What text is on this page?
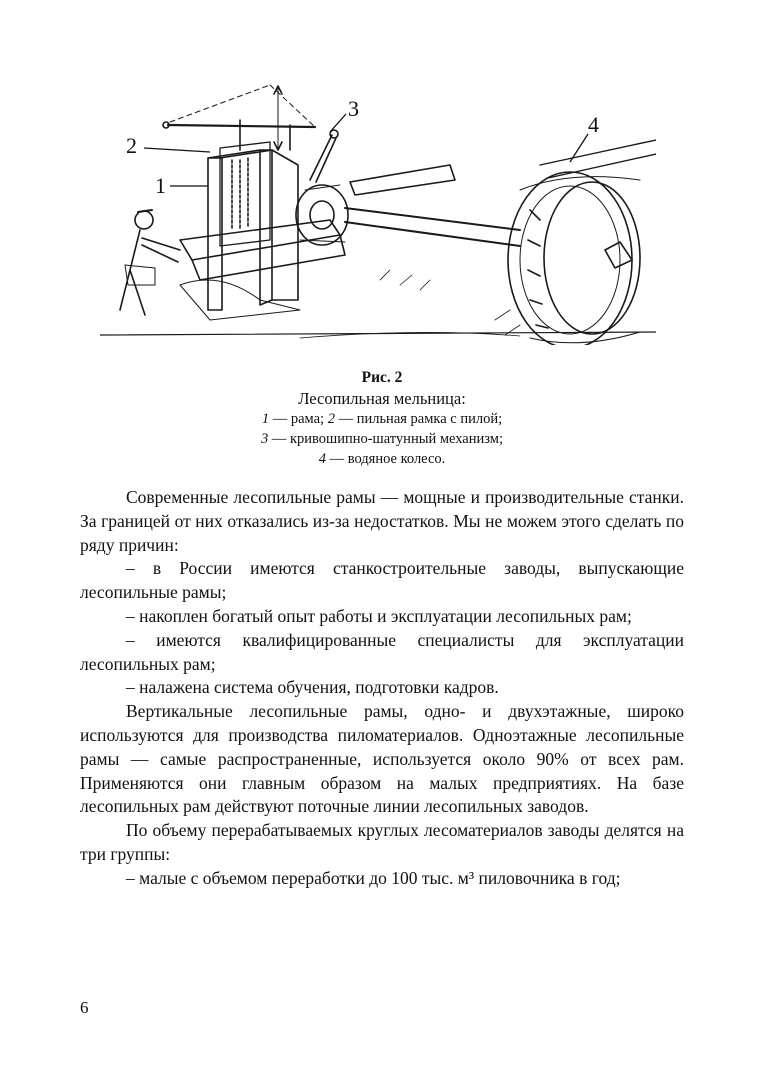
2
1
3
4
Рис. 2
Лесопильная мельница:
1 — рама; 2 — пильная рамка с пилой;
3 — кривошипно-шатунный механизм;
4 — водяное колесо.

Современные лесопильные рамы — мощные и производительные станки. За границей от них отказались из-за недостатков. Мы не можем этого сделать по ряду причин:

– в России имеются станкостроительные заводы, выпускающие лесопильные рамы;

– накоплен богатый опыт работы и эксплуатации лесопильных рам;

– имеются квалифицированные специалисты для эксплуатации лесопильных рам;

– налажена система обучения, подготовки кадров.

Вертикальные лесопильные рамы, одно- и двухэтажные, широко используются для производства пиломатериалов. Одноэтажные лесопильные рамы — самые распространенные, используется около 90% от всех рам. Применяются они главным образом на малых предприятиях. На базе лесопильных рам действуют поточные линии лесопильных заводов.

По объему перерабатываемых круглых лесоматериалов заводы делятся на три группы:

– малые с объемом переработки до 100 тыс. м³ пиловочника в год;

6
